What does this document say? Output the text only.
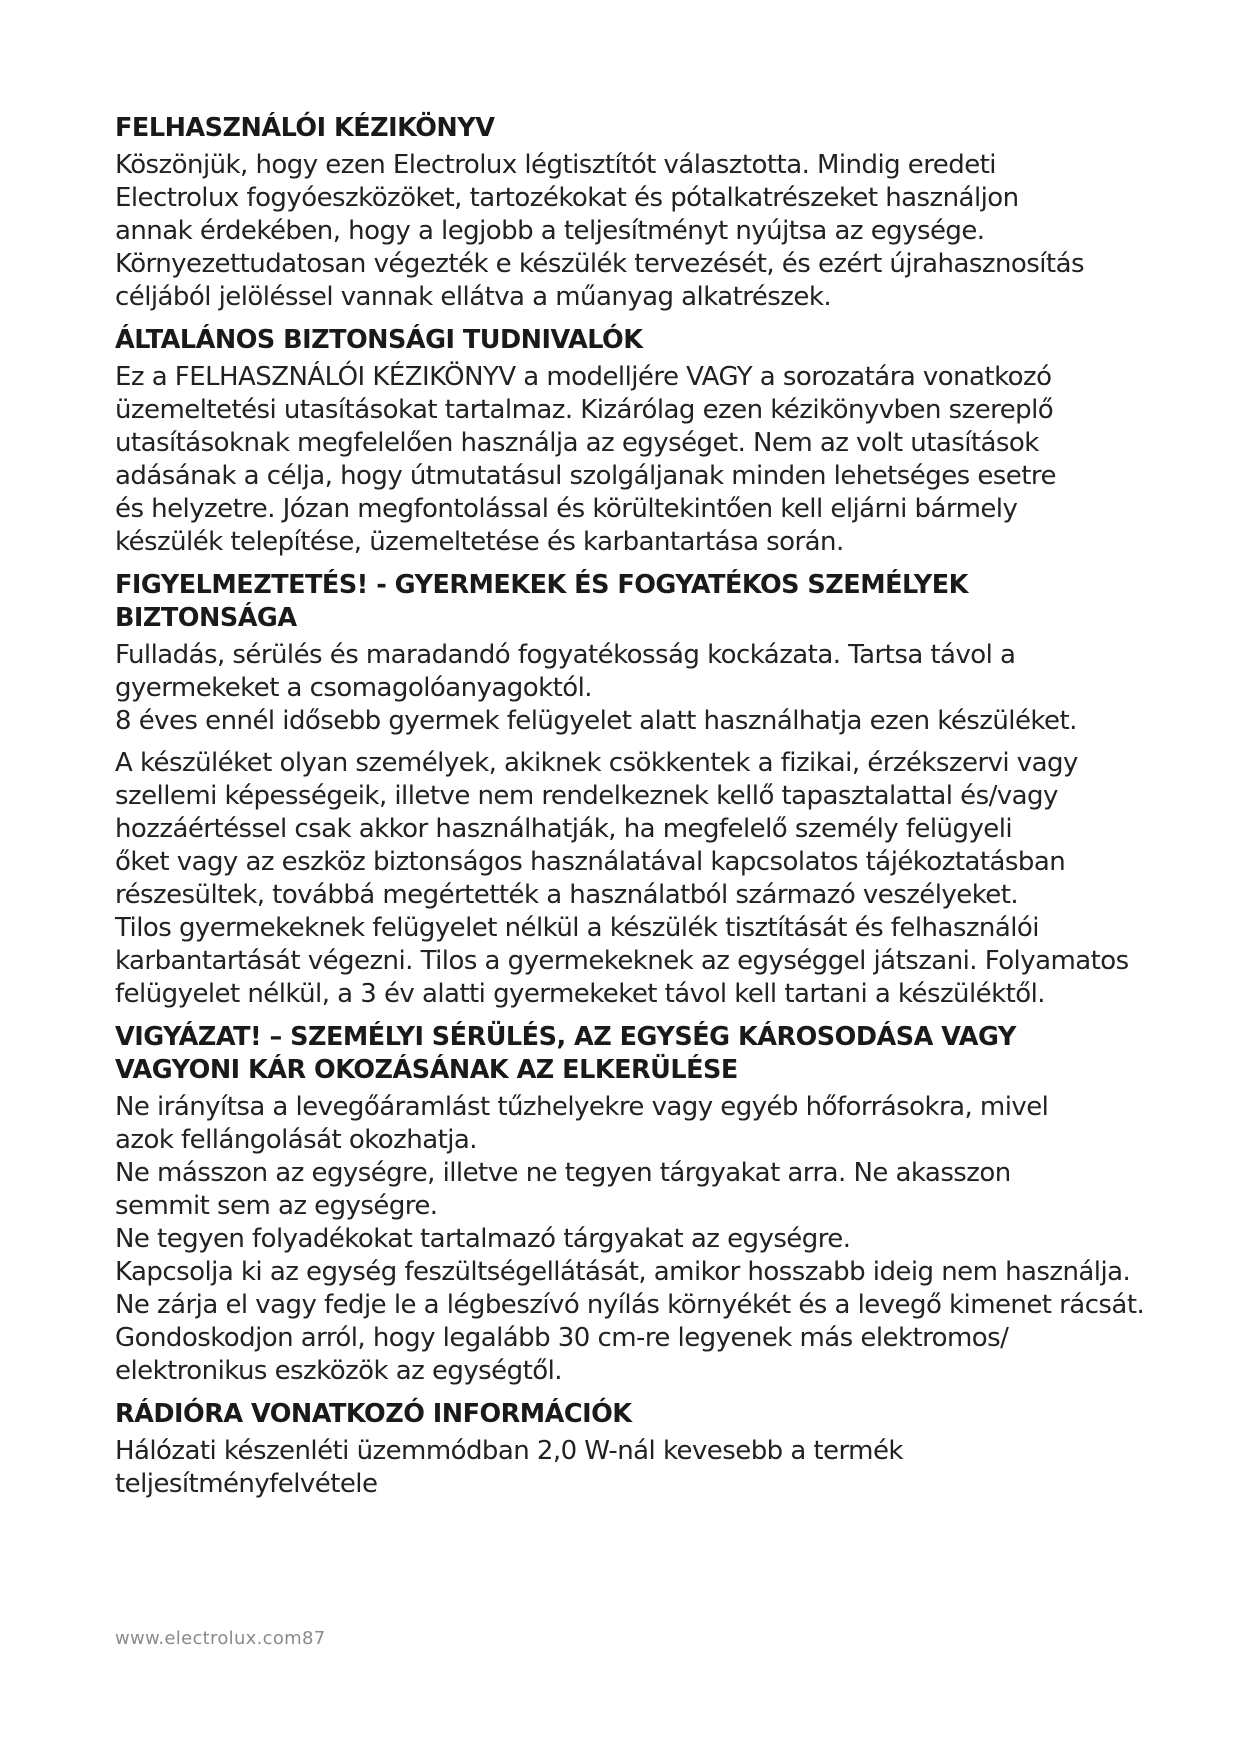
FELHASZNÁLÓI KÉZIKÖNYV
Köszönjük, hogy ezen Electrolux légtisztítót választotta. Mindig eredeti
Electrolux fogyóeszközöket, tartozékokat és pótalkatrészeket használjon
annak érdekében, hogy a legjobb a teljesítményt nyújtsa az egysége.
Környezettudatosan végezték e készülék tervezését, és ezért újrahasznosítás
céljából jelöléssel vannak ellátva a műanyag alkatrészek.
ÁLTALÁNOS BIZTONSÁGI TUDNIVALÓK
Ez a FELHASZNÁLÓI KÉZIKÖNYV a modelljére VAGY a sorozatára vonatkozó
üzemeltetési utasításokat tartalmaz. Kizárólag ezen kézikönyvben szereplő
utasításoknak megfelelően használja az egységet. Nem az volt utasítások
adásának a célja, hogy útmutatásul szolgáljanak minden lehetséges esetre
és helyzetre. Józan megfontolással és körültekintően kell eljárni bármely
készülék telepítése, üzemeltetése és karbantartása során.
FIGYELMEZTETÉS! - GYERMEKEK ÉS FOGYATÉKOS SZEMÉLYEK
BIZTONSÁGA
Fulladás, sérülés és maradandó fogyatékosság kockázata. Tartsa távol a
gyermekeket a csomagolóanyagoktól.
8 éves ennél idősebb gyermek felügyelet alatt használhatja ezen készüléket.
A készüléket olyan személyek, akiknek csökkentek a fizikai, érzékszervi vagy
szellemi képességeik, illetve nem rendelkeznek kellő tapasztalattal és/vagy
hozzáértéssel csak akkor használhatják, ha megfelelő személy felügyeli
őket vagy az eszköz biztonságos használatával kapcsolatos tájékoztatásban
részesültek, továbbá megértették a használatból származó veszélyeket.
Tilos gyermekeknek felügyelet nélkül a készülék tisztítását és felhasználói
karbantartását végezni. Tilos a gyermekeknek az egységgel játszani. Folyamatos
felügyelet nélkül, a 3 év alatti gyermekeket távol kell tartani a készüléktől.
VIGYÁZAT! – SZEMÉLYI SÉRÜLÉS, AZ EGYSÉG KÁROSODÁSA VAGY
VAGYONI KÁR OKOZÁSÁNAK AZ ELKERÜLÉSE
Ne irányítsa a levegőáramlást tűzhelyekre vagy egyéb hőforrásokra, mivel
azok fellángolását okozhatja.
Ne másszon az egységre, illetve ne tegyen tárgyakat arra. Ne akasszon
semmit sem az egységre.
Ne tegyen folyadékokat tartalmazó tárgyakat az egységre.
Kapcsolja ki az egység feszültségellátását, amikor hosszabb ideig nem használja.
Ne zárja el vagy fedje le a légbeszívó nyílás környékét és a levegő kimenet rácsát.
Gondoskodjon arról, hogy legalább 30 cm-re legyenek más elektromos/
elektronikus eszközök az egységtől.
RÁDIÓRA VONATKOZÓ INFORMÁCIÓK
Hálózati készenléti üzemmódban 2,0 W-nál kevesebb a termék
teljesítményfelvétele
www.electrolux.com87
